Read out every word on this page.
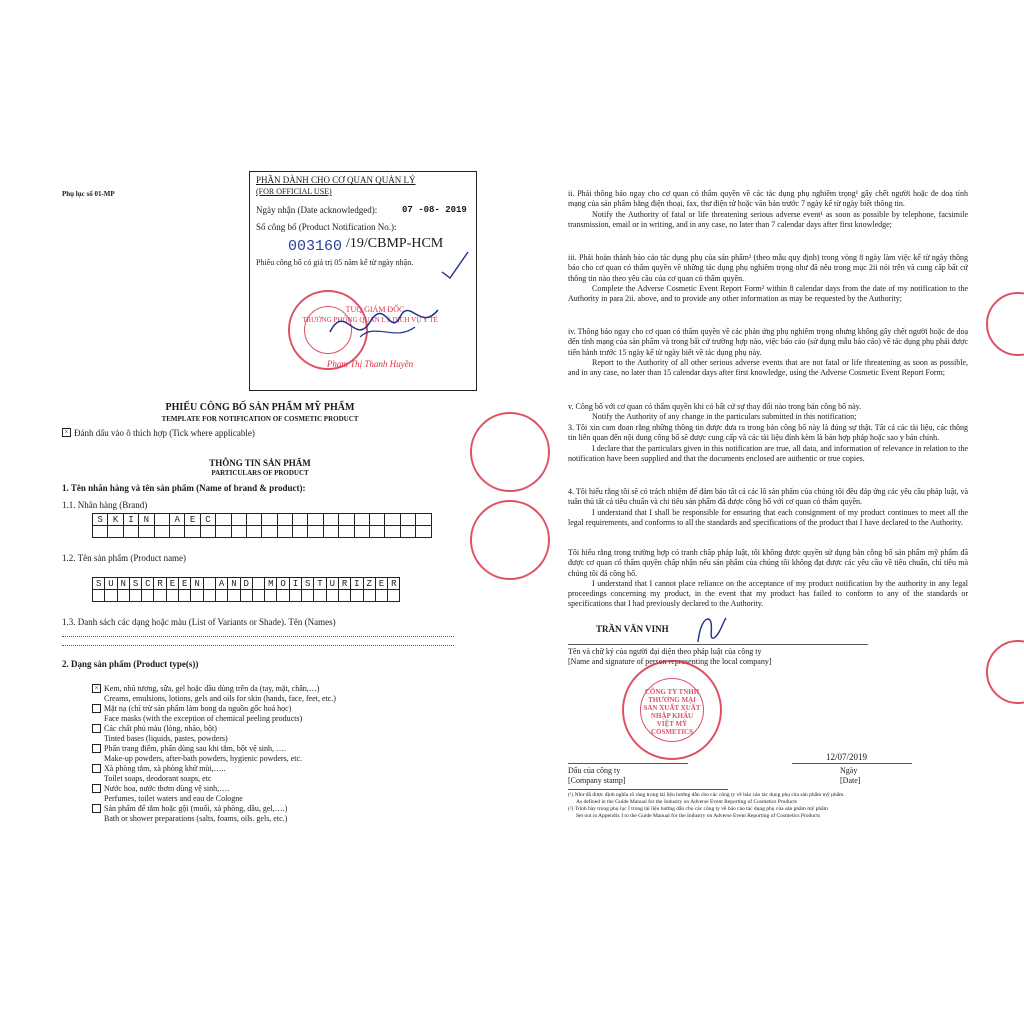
Phụ lục số 01-MP
PHẦN DÀNH CHO CƠ QUAN QUẢN LÝ
(FOR OFFICIAL USE)
Ngày nhận (Date acknowledged):	07 -08- 2019
Số công bố (Product Notification No.):
003160 /19/CBMP-HCM
Phiếu công bố có giá trị 05 năm kể từ ngày nhận.
TUQ.GIÁM ĐỐC
TRƯỞNG PHÒNG QUẢN LÝ DỊCH VỤ Y TẾ
Phạm Thị Thanh Huyền
PHIẾU CÔNG BỐ SẢN PHẨM MỸ PHẨM
TEMPLATE FOR NOTIFICATION OF COSMETIC PRODUCT
× Đánh dấu vào ô thích hợp (Tick where applicable)
THÔNG TIN SẢN PHẨM
PARTICULARS OF PRODUCT
1. Tên nhãn hàng và tên sản phẩm (Name of brand & product):
1.1. Nhãn hàng (Brand)
S	K	I	N	A	E	C
1.2. Tên sản phẩm (Product name)
S U N S C R E E N	A N D	M O I S T U R I Z E R
1.3. Danh sách các dạng hoặc màu (List of Variants or Shade). Tên (Names)
2. Dạng sản phẩm (Product type(s))
× Kem, nhũ tương, sữa, gel hoặc dầu dùng trên da (tay, mặt, chân,…)
Creams, emulsions, lotions, gels and oils for skin (hands, face, feet, etc.)
Mặt nạ (chỉ trừ sản phẩm làm bong da nguồn gốc hoá học)
Face masks (with the exception of chemical peeling products)
Các chất phủ màu (lỏng, nhão, bột)
Tinted bases (liquids, pastes, powders)
Phấn trang điểm, phấn dùng sau khi tắm, bột vệ sinh, ….
Make-up powders, after-bath powders, hygienic powders, etc.
Xà phòng tắm, xà phòng khử mùi,…..
Toilet soaps, deodorant soaps, etc
Nước hoa, nước thơm dùng vệ sinh,….
Perfumes, toilet waters and eau de Cologne
Sản phẩm để tắm hoặc gội (muối, xà phòng, dầu, gel,….)
Bath or shower preparations (salts, foams, oils. gels, etc.)
ii. Phải thông báo ngay cho cơ quan có thẩm quyền về các tác dụng phụ nghiêm trọng¹ gây chết người hoặc đe doạ tính mạng của sản phẩm bằng điện thoại, fax, thư điện tử hoặc văn bản trước 7 ngày kể từ ngày biết thông tin.
Notify the Authority of fatal or life threatening serious adverse event¹ as soon as possible by telephone, facsimile transmission, email or in writing, and in any case, no later than 7 calendar days after first knowledge;
iii. Phải hoàn thành báo cáo tác dụng phụ của sản phẩm² (theo mẫu quy định) trong vòng 8 ngày làm việc kể từ ngày thông báo cho cơ quan có thẩm quyền về những tác dụng phụ nghiêm trọng như đã nêu trong mục 2ii nói trên và cung cấp bất cứ thông tin nào theo yêu cầu của cơ quan có thẩm quyền.
Complete the Adverse Cosmetic Event Report Form² within 8 calendar days from the date of my notification to the Authority in para 2ii. above, and to provide any other information as may be requested by the Authority;
iv. Thông báo ngay cho cơ quan có thẩm quyền về các phản ứng phụ nghiêm trọng nhưng không gây chết người hoặc đe doạ đến tính mạng của sản phẩm và trong bất cứ trường hợp nào, việc báo cáo (sử dụng mẫu báo cáo) về tác dụng phụ phải được tiến hành trước 15 ngày kể từ ngày biết về tác dụng phụ này.
Report to the Authority of all other serious adverse events that are not fatal or life threatening as soon as possible, and in any case, no later than 15 calendar days after first knowledge, using the Adverse Cosmetic Event Report Form;
v. Công bố với cơ quan có thẩm quyền khi có bất cứ sự thay đổi nào trong bản công bố này.
Notify the Authority of any change in the particulars submitted in this notification;
3. Tôi xin cam đoan rằng những thông tin được đưa ra trong bản công bố này là đúng sự thật. Tất cả các tài liệu, các thông tin liên quan đến nội dung công bố sẽ được cung cấp và các tài liệu đính kèm là bản hợp pháp hoặc sao y bản chính.
I declare that the particulars given in this notification are true, all data, and information of relevance in relation to the notification have been supplied and that the documents enclosed are authentic or true copies.
4. Tôi hiểu rằng tôi sẽ có trách nhiệm để đảm bảo tất cả các lô sản phẩm của chúng tôi đều đáp ứng các yêu cầu pháp luật, và tuân thủ tất cả tiêu chuẩn và chi tiêu sản phẩm đã được công bố với cơ quan có thẩm quyền.
I understand that I shall be responsible for ensuring that each consignment of my product continues to meet all the legal requirements, and conforms to all the standards and specifications of the product that I have declared to the Authority.
Tôi hiểu rằng trong trường hợp có tranh chấp pháp luật, tôi không được quyền sử dụng bản công bố sản phẩm mỹ phẩm đã được cơ quan có thẩm quyền chấp nhận nếu sản phẩm của chúng tôi không đạt được các yêu cầu về tiêu chuẩn, chỉ tiêu mà chúng tôi đã công bố.
I understand that I cannot place reliance on the acceptance of my product notification by the authority in any legal proceedings concerning my product, in the event that my product has failed to conform to any of the standards or specifications that I had previously declared to the Authority.
TRẦN VĂN VINH
Tên và chữ ký của người đại diện theo pháp luật của công ty
[Name and signature of person representing the local company]
CÔNG TY TNHH THƯƠNG MẠI SẢN XUẤT XUẤT NHẬP KHẨU
VIỆT MỸ COSMETICS
12/07/2019
Dấu của công ty
[Company stamp]
Ngày
[Date]
(¹) Như đã được định nghĩa rõ ràng trong tài liệu hướng dẫn cho các công ty về báo cáo tác dụng phụ của sản phẩm mỹ phẩm.
As defined in the Guide Manual for the Industry on Adverse Event Reporting of Cosmetics Products
(²) Trình bày trong phụ lục I trong tài liệu hướng dẫn cho các công ty về báo cáo tác dụng phụ của sản phẩm mỹ phẩm
Set out in Appendix I to the Guide Manual for the Industry on Adverse Event Reporting of Cosmetics Products
